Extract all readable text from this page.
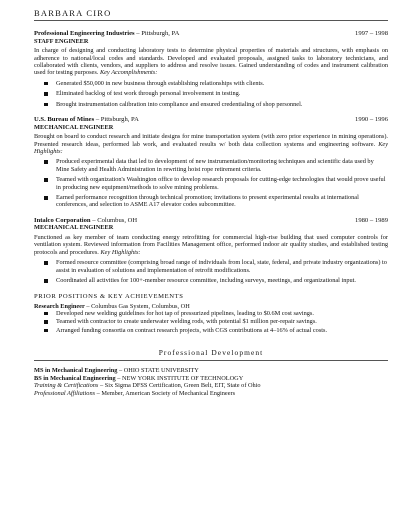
BARBARA CIRO
Professional Engineering Industries – Pittsburgh, PA	1997 – 1998
STAFF ENGINEER
In charge of designing and conducting laboratory tests to determine physical properties of materials and structures, with emphasis on adherence to national/local codes and standards. Developed and evaluated proposals, assigned tasks to laboratory technicians, and collaborated with clients, vendors, and suppliers to address and resolve issues. Gained understanding of codes and instrument calibration used for testing purposes. Key Accomplishments:
Generated $50,000 in new business through establishing relationships with clients.
Eliminated backlog of test work through personal involvement in testing.
Brought instrumentation calibration into compliance and ensured credentialing of shop personnel.
U.S. Bureau of Mines – Pittsburgh, PA	1990 – 1996
MECHANICAL ENGINEER
Brought on board to conduct research and initiate designs for mine transportation system (with zero prior experience in mining operations). Presented research ideas, performed lab work, and evaluated results w/ both data collection systems and engineering software. Key Highlights:
Produced experimental data that led to development of new instrumentation/monitoring techniques and scientific data used by Mine Safety and Health Administration in rewriting hoist rope retirement criteria.
Teamed with organization's Washington office to develop research proposals for cutting-edge technologies that would prove useful in producing new equipment/methods to solve mining problems.
Earned performance recognition through technical promotion; invitations to present experimental results at international conferences, and selection to ASME A17 elevator codes subcommittee.
Intalco Corporation – Columbus, OH	1980 – 1989
MECHANICAL ENGINEER
Functioned as key member of team conducting energy retrofitting for commercial high-rise building that used computer controls for ventilation system. Reviewed information from Facilities Management office, performed indoor air quality studies, and established testing protocols and procedures. Key Highlights:
Formed resource committee (comprising broad range of individuals from local, state, federal, and private industry organizations) to assist in evaluation of solutions and implementation of retrofit modifications.
Coordinated all activities for 100+-member resource committee, including surveys, meetings, and organizational input.
PRIOR POSITIONS & KEY ACHIEVEMENTS
Research Engineer – Columbus Gas System, Columbus, OH
Developed new welding guidelines for hot tap of pressurized pipelines, leading to $0.6M cost savings.
Teamed with contractor to create underwater welding rods, with potential $1 million per-repair savings.
Arranged funding consortia on contract research projects, with CGS contributions at 4–16% of actual costs.
Professional Development
MS in Mechanical Engineering – OHIO STATE UNIVERSITY
BS in Mechanical Engineering – NEW YORK INSTITUTE OF TECHNOLOGY
Training & Certifications – Six Sigma DFSS Certification, Green Belt, EIT, State of Ohio
Professional Affiliations – Member, American Society of Mechanical Engineers
